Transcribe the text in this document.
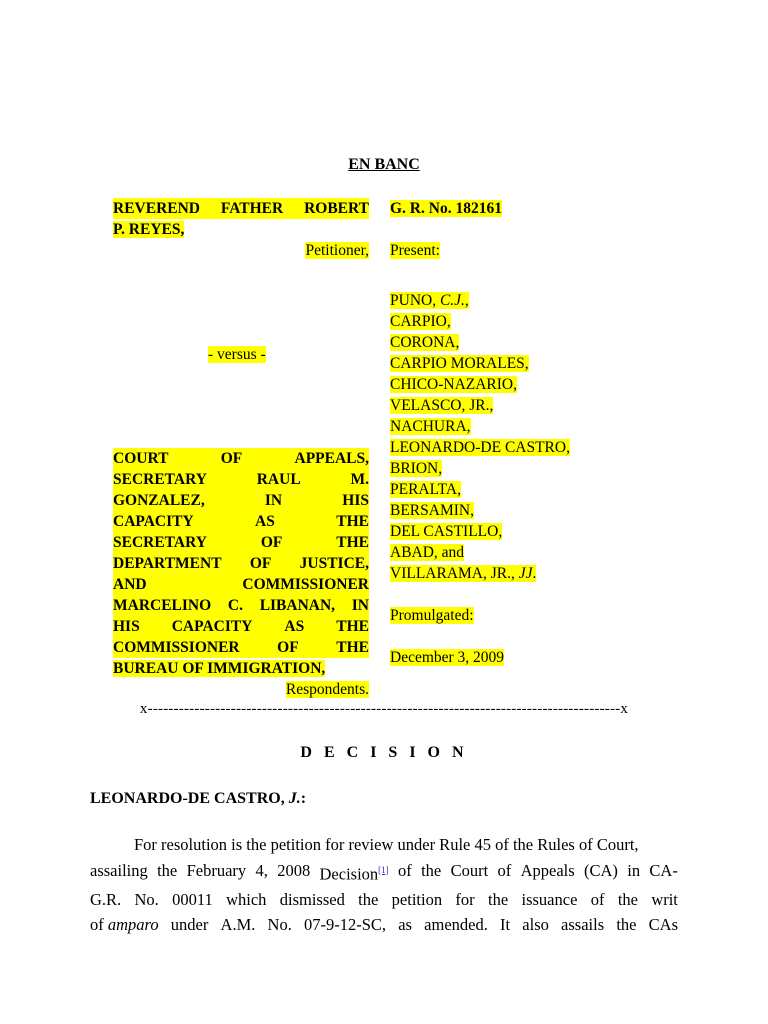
EN BANC
REVEREND FATHER ROBERT
P. REYES,
Petitioner,
- versus -
COURT	OF	APPEALS,
SECRETARY	RAUL	M.
GONZALEZ,	IN	HIS
CAPACITY	AS	THE
SECRETARY	OF	THE
DEPARTMENT OF JUSTICE,
AND	COMMISSIONER
MARCELINO C. LIBANAN, IN
HIS CAPACITY AS THE
COMMISSIONER OF THE
BUREAU OF IMMIGRATION,
Respondents.
G. R. No. 182161
Present:
PUNO, C.J.,
CARPIO,
CORONA,
CARPIO MORALES,
CHICO-NAZARIO,
VELASCO, JR.,
NACHURA,
LEONARDO-DE CASTRO,
BRION,
PERALTA,
BERSAMIN,
DEL CASTILLO,
ABAD, and
VILLARAMA, JR., JJ.
Promulgated:
December 3, 2009
x-------------------------------------------------------------------------------------------x
D E C I S I O N
LEONARDO-DE CASTRO, J.:
For resolution is the petition for review under Rule 45 of the Rules of Court,
assailing the February 4, 2008 Decision[1] of the Court of Appeals (CA) in CA-
G.R. No. 00011 which dismissed the petition for the issuance of the writ
of amparo under A.M. No. 07-9-12-SC, as amended. It also assails the CAs
